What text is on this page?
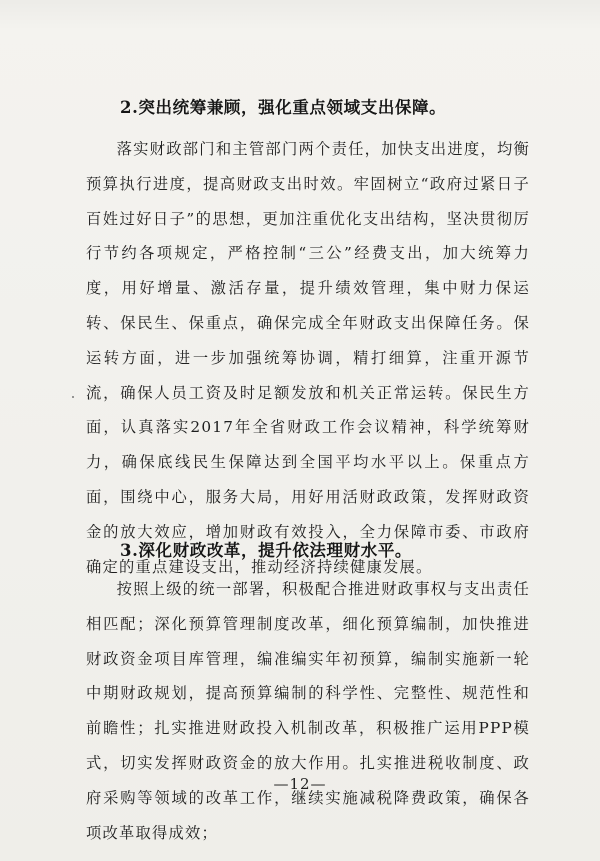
2.突出统筹兼顾，强化重点领域支出保障。

落实财政部门和主管部门两个责任，加快支出进度，均衡预算执行进度，提高财政支出时效。牢固树立“政府过紧日子百姓过好日子”的思想，更加注重优化支出结构，坚决贯彻厉行节约各项规定，严格控制“三公”经费支出，加大统筹力度，用好增量、激活存量，提升绩效管理，集中财力保运转、保民生、保重点，确保完成全年财政支出保障任务。保运转方面，进一步加强统筹协调，精打细算，注重开源节流，确保人员工资及时足额发放和机关正常运转。保民生方面，认真落实2017年全省财政工作会议精神，科学统筹财力，确保底线民生保障达到全国平均水平以上。保重点方面，围绕中心，服务大局，用好用活财政政策，发挥财政资金的放大效应，增加财政有效投入，全力保障市委、市政府确定的重点建设支出，推动经济持续健康发展。

3.深化财政改革，提升依法理财水平。

按照上级的统一部署，积极配合推进财政事权与支出责任相匹配；深化预算管理制度改革，细化预算编制，加快推进财政资金项目库管理，编准编实年初预算，编制实施新一轮中期财政规划，提高预算编制的科学性、完整性、规范性和前瞻性；扎实推进财政投入机制改革，积极推广运用PPP模式，切实发挥财政资金的放大作用。扎实推进税收制度、政府采购等领域的改革工作，继续实施减税降费政策，确保各项改革取得成效；

—12—
